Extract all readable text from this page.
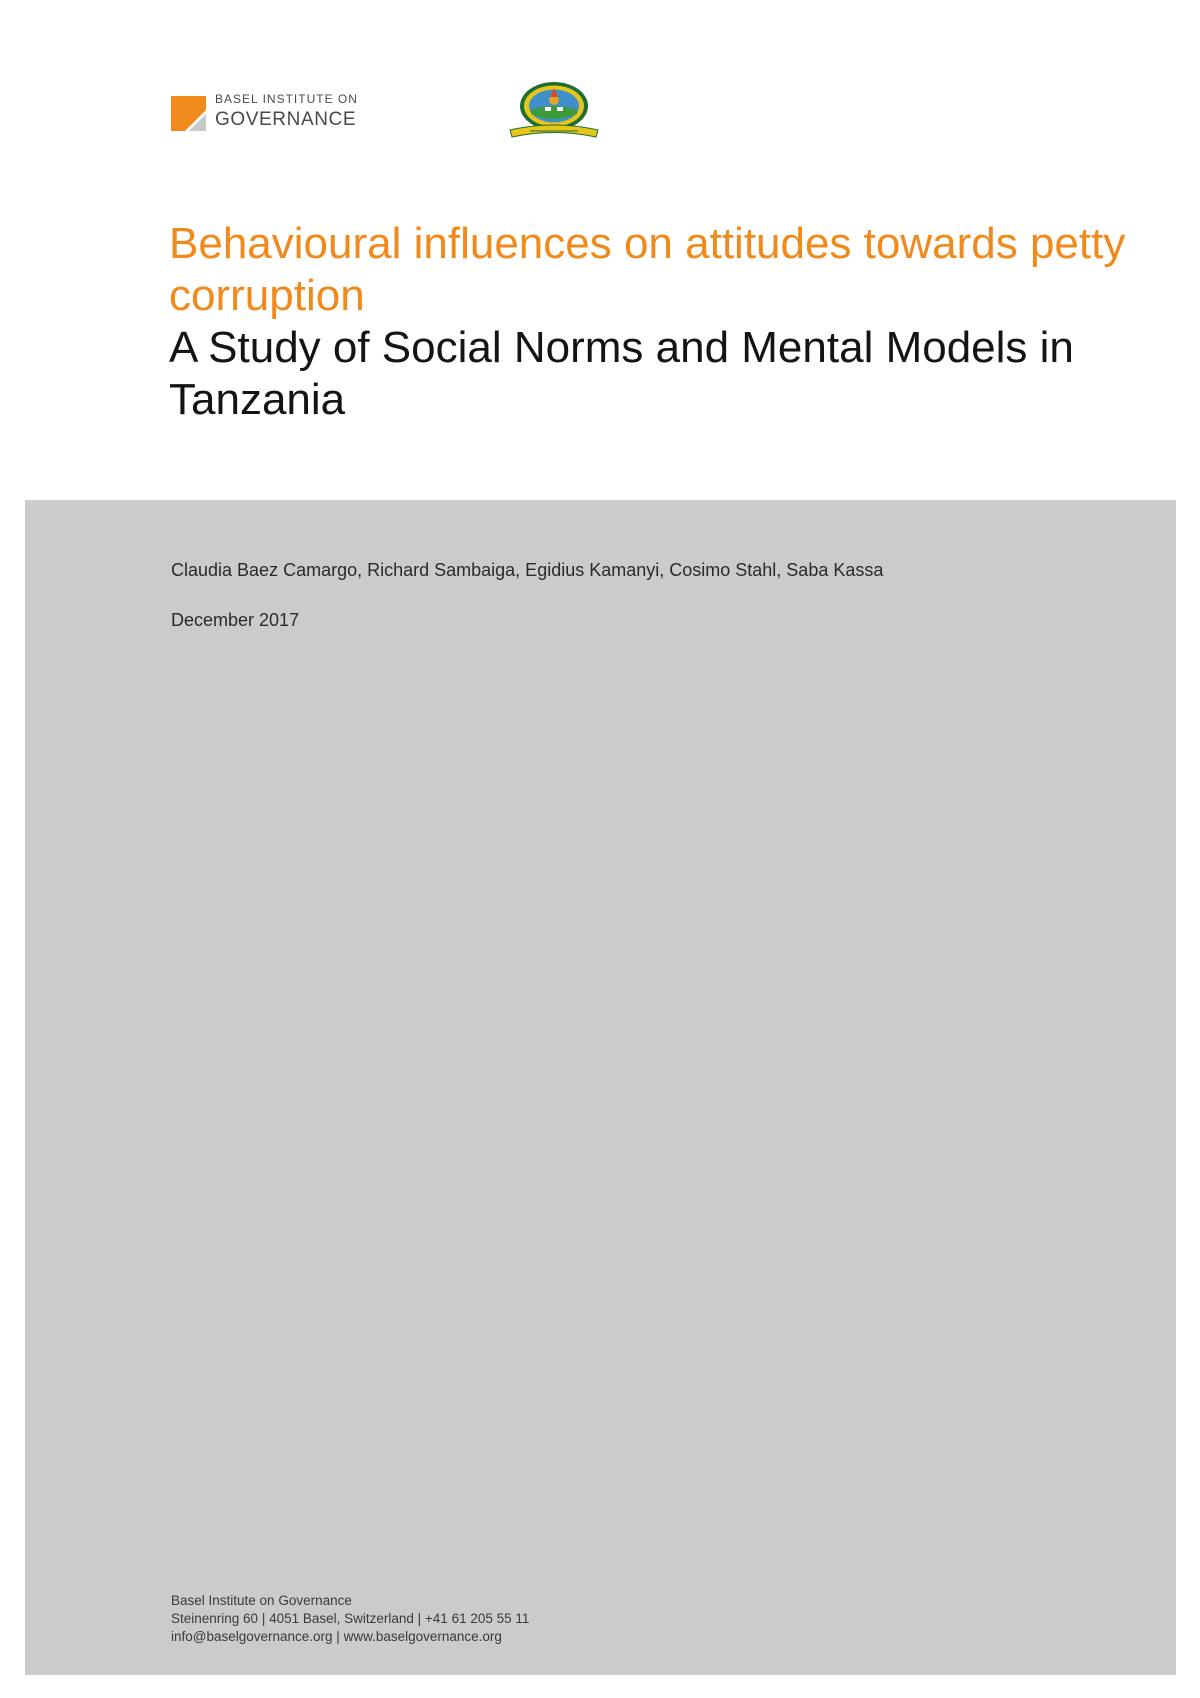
BASEL INSTITUTE ON
GOVERNANCE
Behavioural influences on attitudes towards petty corruption
A Study of Social Norms and Mental Models in Tanzania

Claudia Baez Camargo, Richard Sambaiga, Egidius Kamanyi, Cosimo Stahl, Saba Kassa

December 2017

Basel Institute on Governance
Steinenring 60 | 4051 Basel, Switzerland | +41 61 205 55 11
info@baselgovernance.org | www.baselgovernance.org
